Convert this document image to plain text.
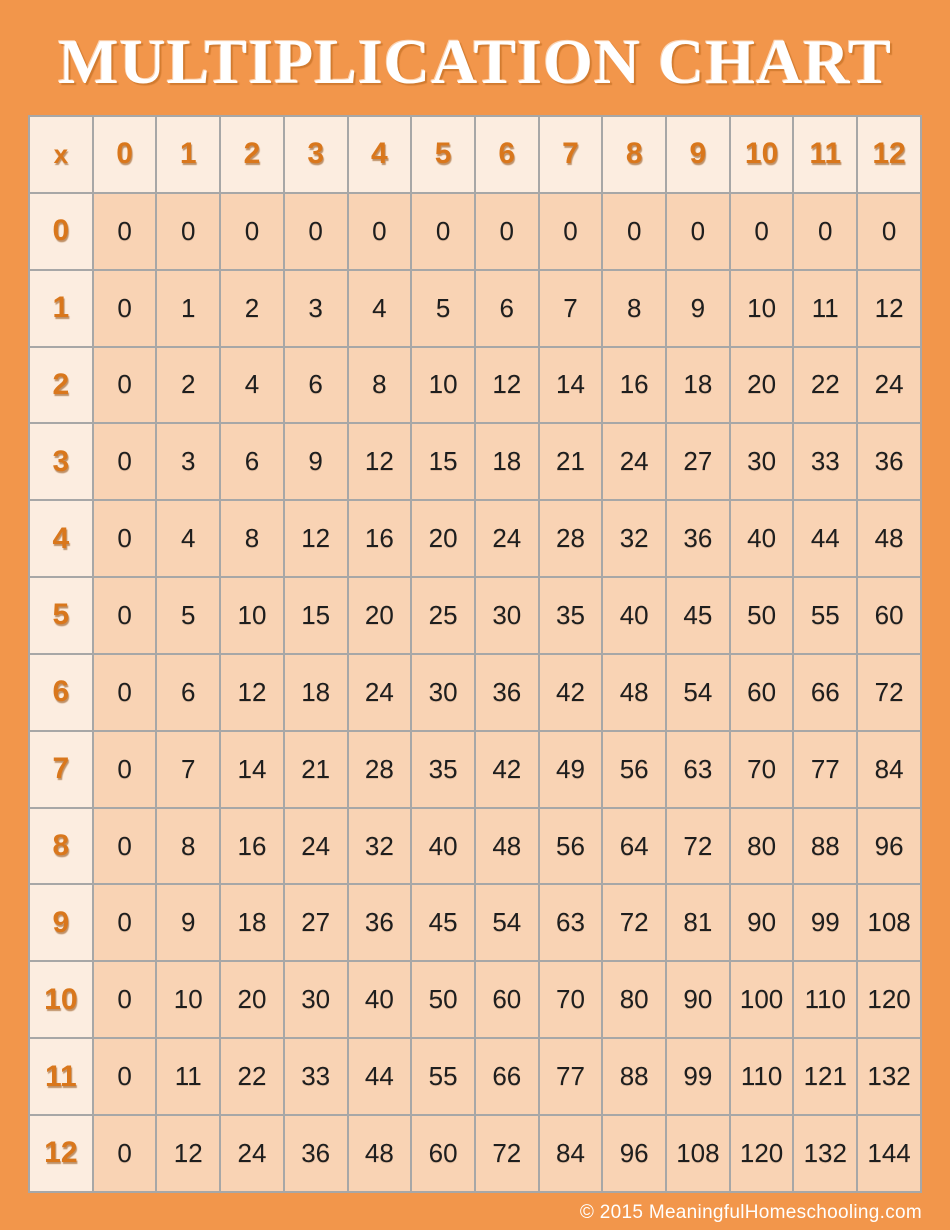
MULTIPLICATION CHART
x	0	1	2	3	4	5	6	7	8	9	10	11	12
0	0	0	0	0	0	0	0	0	0	0	0	0	0
1	0	1	2	3	4	5	6	7	8	9	10	11	12
2	0	2	4	6	8	10	12	14	16	18	20	22	24
3	0	3	6	9	12	15	18	21	24	27	30	33	36
4	0	4	8	12	16	20	24	28	32	36	40	44	48
5	0	5	10	15	20	25	30	35	40	45	50	55	60
6	0	6	12	18	24	30	36	42	48	54	60	66	72
7	0	7	14	21	28	35	42	49	56	63	70	77	84
8	0	8	16	24	32	40	48	56	64	72	80	88	96
9	0	9	18	27	36	45	54	63	72	81	90	99	108
10	0	10	20	30	40	50	60	70	80	90	100	110	120
11	0	11	22	33	44	55	66	77	88	99	110	121	132
12	0	12	24	36	48	60	72	84	96	108	120	132	144
© 2015 MeaningfulHomeschooling.com
